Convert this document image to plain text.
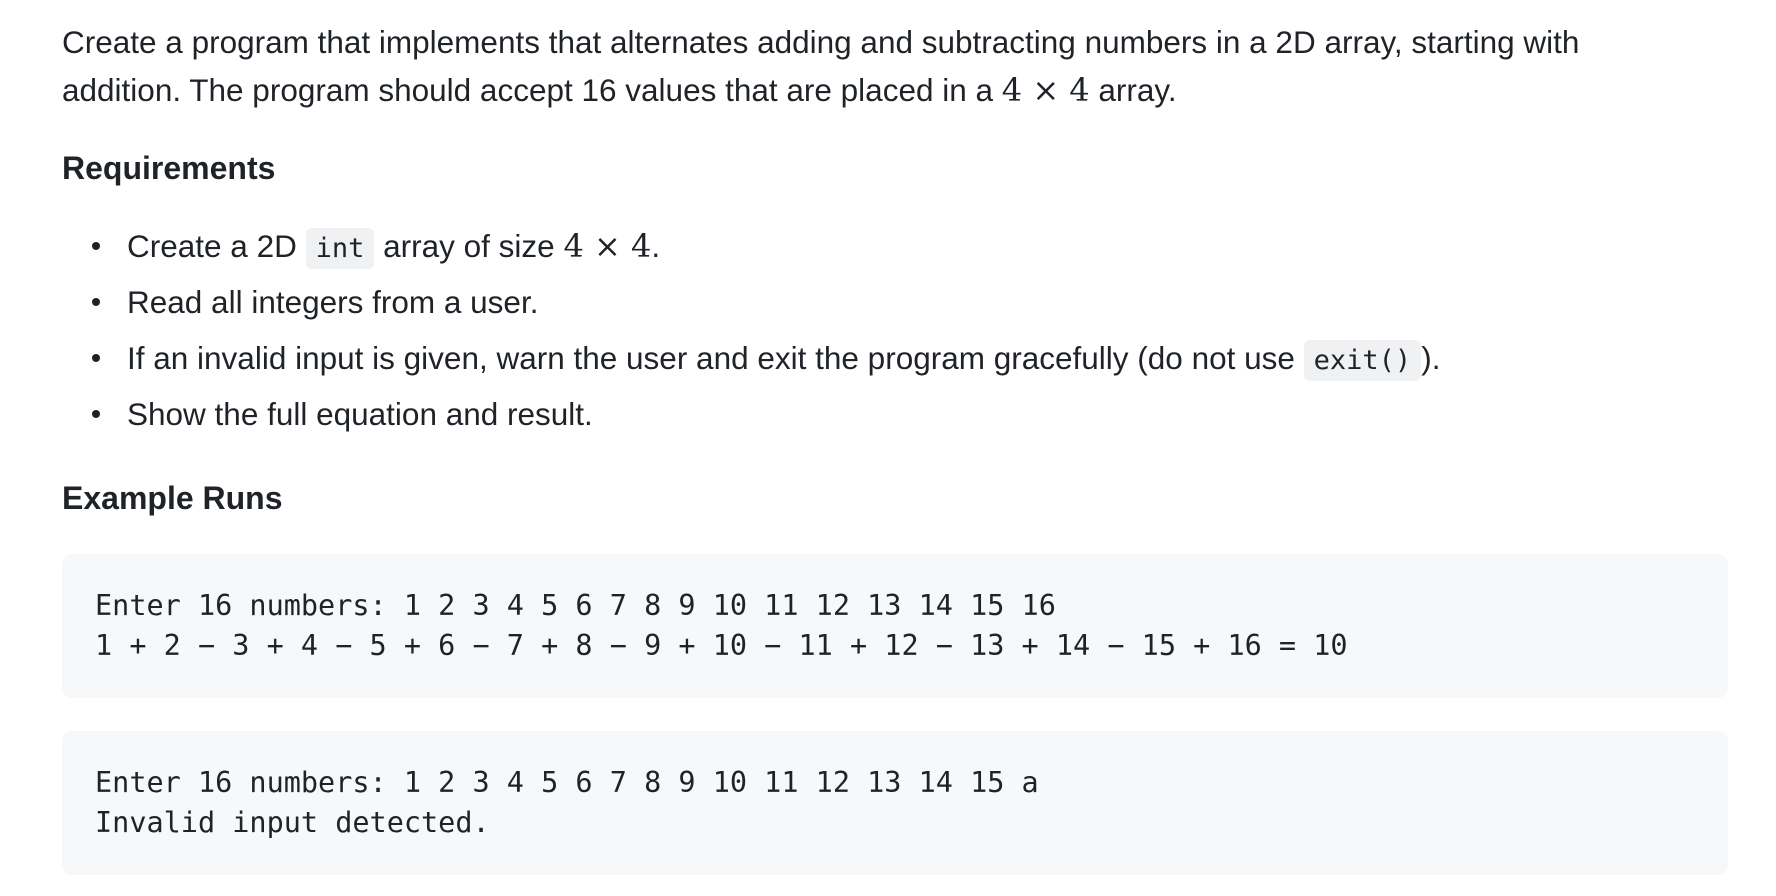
Create a program that implements that alternates adding and subtracting numbers in a 2D array, starting with
addition. The program should accept 16 values that are placed in a 4 × 4 array.

Requirements
Create a 2D int array of size 4 × 4.
Read all integers from a user.
If an invalid input is given, warn the user and exit the program gracefully (do not use exit() ).
Show the full equation and result.
Example Runs
Enter 16 numbers: 1 2 3 4 5 6 7 8 9 10 11 12 13 14 15 16
1 + 2 − 3 + 4 − 5 + 6 − 7 + 8 − 9 + 10 − 11 + 12 − 13 + 14 − 15 + 16 = 10
Enter 16 numbers: 1 2 3 4 5 6 7 8 9 10 11 12 13 14 15 a
Invalid input detected.
